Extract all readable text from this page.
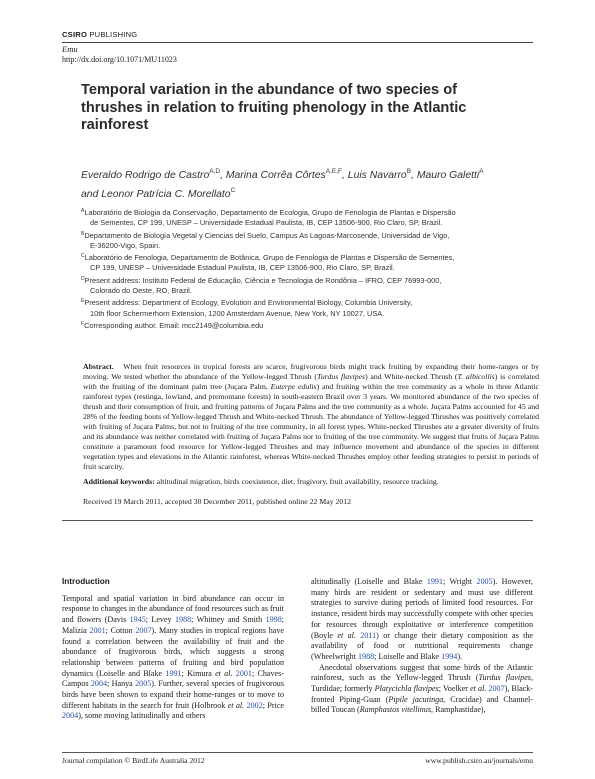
CSIRO PUBLISHING
Emu
http://dx.doi.org/10.1071/MU11023
Temporal variation in the abundance of two species of thrushes in relation to fruiting phenology in the Atlantic rainforest
Everaldo Rodrigo de Castro$^{A,D}$, Marina Corrêa Côrtes$^{A,E,F}$, Luis Navarro$^B$, Mauro Galetti$^A$
and Leonor Patrícia C. Morellato$^C$
$^A$Laboratório de Biologia da Conservação, Departamento de Ecologia, Grupo de Fenologia de Plantas e Dispersão
de Sementes, CP 199, UNESP – Universidade Estadual Paulista, IB, CEP 13506-900, Rio Claro, SP, Brazil.
$^B$Departamento de Biología Vegetal y Ciencias del Suelo, Campus As Lagoas-Marcosende, Universidad de Vigo,
E-36200-Vigo, Spain.
$^C$Laboratório de Fenologia, Departamento de Botânica, Grupo de Fenologia de Plantas e Dispersão de Sementes,
CP 199, UNESP – Universidade Estadual Paulista, IB, CEP 13506-900, Rio Claro, SP, Brazil.
$^D$Present address: Instituto Federal de Educação, Ciência e Tecnologia de Rondônia – IFRO, CEP 76993-000,
Colorado do Oeste, RO, Brazil.
$^E$Present address: Department of Ecology, Evolution and Environmental Biology, Columbia University,
10th floor Schermerhorn Extension, 1200 Amsterdam Avenue, New York, NY 10027, USA.
$^F$Corresponding author. Email: mcc2149@columbia.edu
Abstract. When fruit resources in tropical forests are scarce, frugivorous birds might track fruiting by expanding their home-ranges or by moving. We tested whether the abundance of the Yellow-legged Thrush (Turdus flavipes) and White-necked Thrush (T. albicollis) is correlated with the fruiting of the dominant palm tree (Juçara Palm, Euterpe edulis) and fruiting within the tree community as a whole in three Atlantic rainforest types (restinga, lowland, and premontane forests) in south-eastern Brazil over 3 years. We monitored abundance of the two species of thrush and their consumption of fruit, and fruiting patterns of Juçara Palms and the tree community as a whole. Juçara Palms accounted for 45 and 28% of the feeding bouts of Yellow-legged Thrush and White-necked Thrush. The abundance of Yellow-legged Thrushes was positively correlated with fruiting of Juçara Palms, but not to fruiting of the tree community, in all forest types. White-necked Thrushes ate a greater diversity of fruits and its abundance was neither correlated with fruiting of Juçara Palms nor to fruiting of the tree community. We suggest that fruits of Juçara Palms constitute a paramount food resource for Yellow-legged Thrushes and may influence movement and abundance of the species in different vegetation types and elevations in the Atlantic rainforest, whereas White-necked Thrushes employ other feeding strategies to persist in periods of fruit scarcity.
Additional keywords: altitudinal migration, birds coexistence, diet, frugivory, fruit availability, resource tracking.
Received 19 March 2011, accepted 30 December 2011, published online 22 May 2012

Introduction

Temporal and spatial variation in bird abundance can occur in response to changes in the abundance of food resources such as fruit and flowers (Davis 1945; Levey 1988; Whitney and Smith 1998; Malizia 2001; Cotton 2007). Many studies in tropical regions have found a correlation between the availability of fruit and the abundance of frugivorous birds, which suggests a strong relationship between patterns of fruiting and bird population dynamics (Loiselle and Blake 1991; Kimura et al. 2001; Chaves-Campos 2004; Hanya 2005). Further, several species of frugivorous birds have been shown to expand their home-ranges or to move to different habitats in the search for fruit (Holbrook et al. 2002; Price 2004), some moving latitudinally and others

altitudinally (Loiselle and Blake 1991; Wright 2005). However, many birds are resident or sedentary and must use different strategies to survive during periods of limited food resources. For instance, resident birds may successfully compete with other species for resources through exploitative or interference competition (Boyle et al. 2011) or change their dietary composition as the availability of food or nutritional requirements change (Wheelwright 1988; Loiselle and Blake 1994).

Anecdotal observations suggest that some birds of the Atlantic rainforest, such as the Yellow-legged Thrush (Turdus flavipes, Turdidae; formerly Platycichla flavipes; Voelker et al. 2007), Black-fronted Piping-Guan (Pipile jacutinga, Cracidae) and Channel-billed Toucan (Ramphastos vitellinus, Ramphastidae),

Journal compilation © BirdLife Australia 2012	www.publish.csiro.au/journals/emu
